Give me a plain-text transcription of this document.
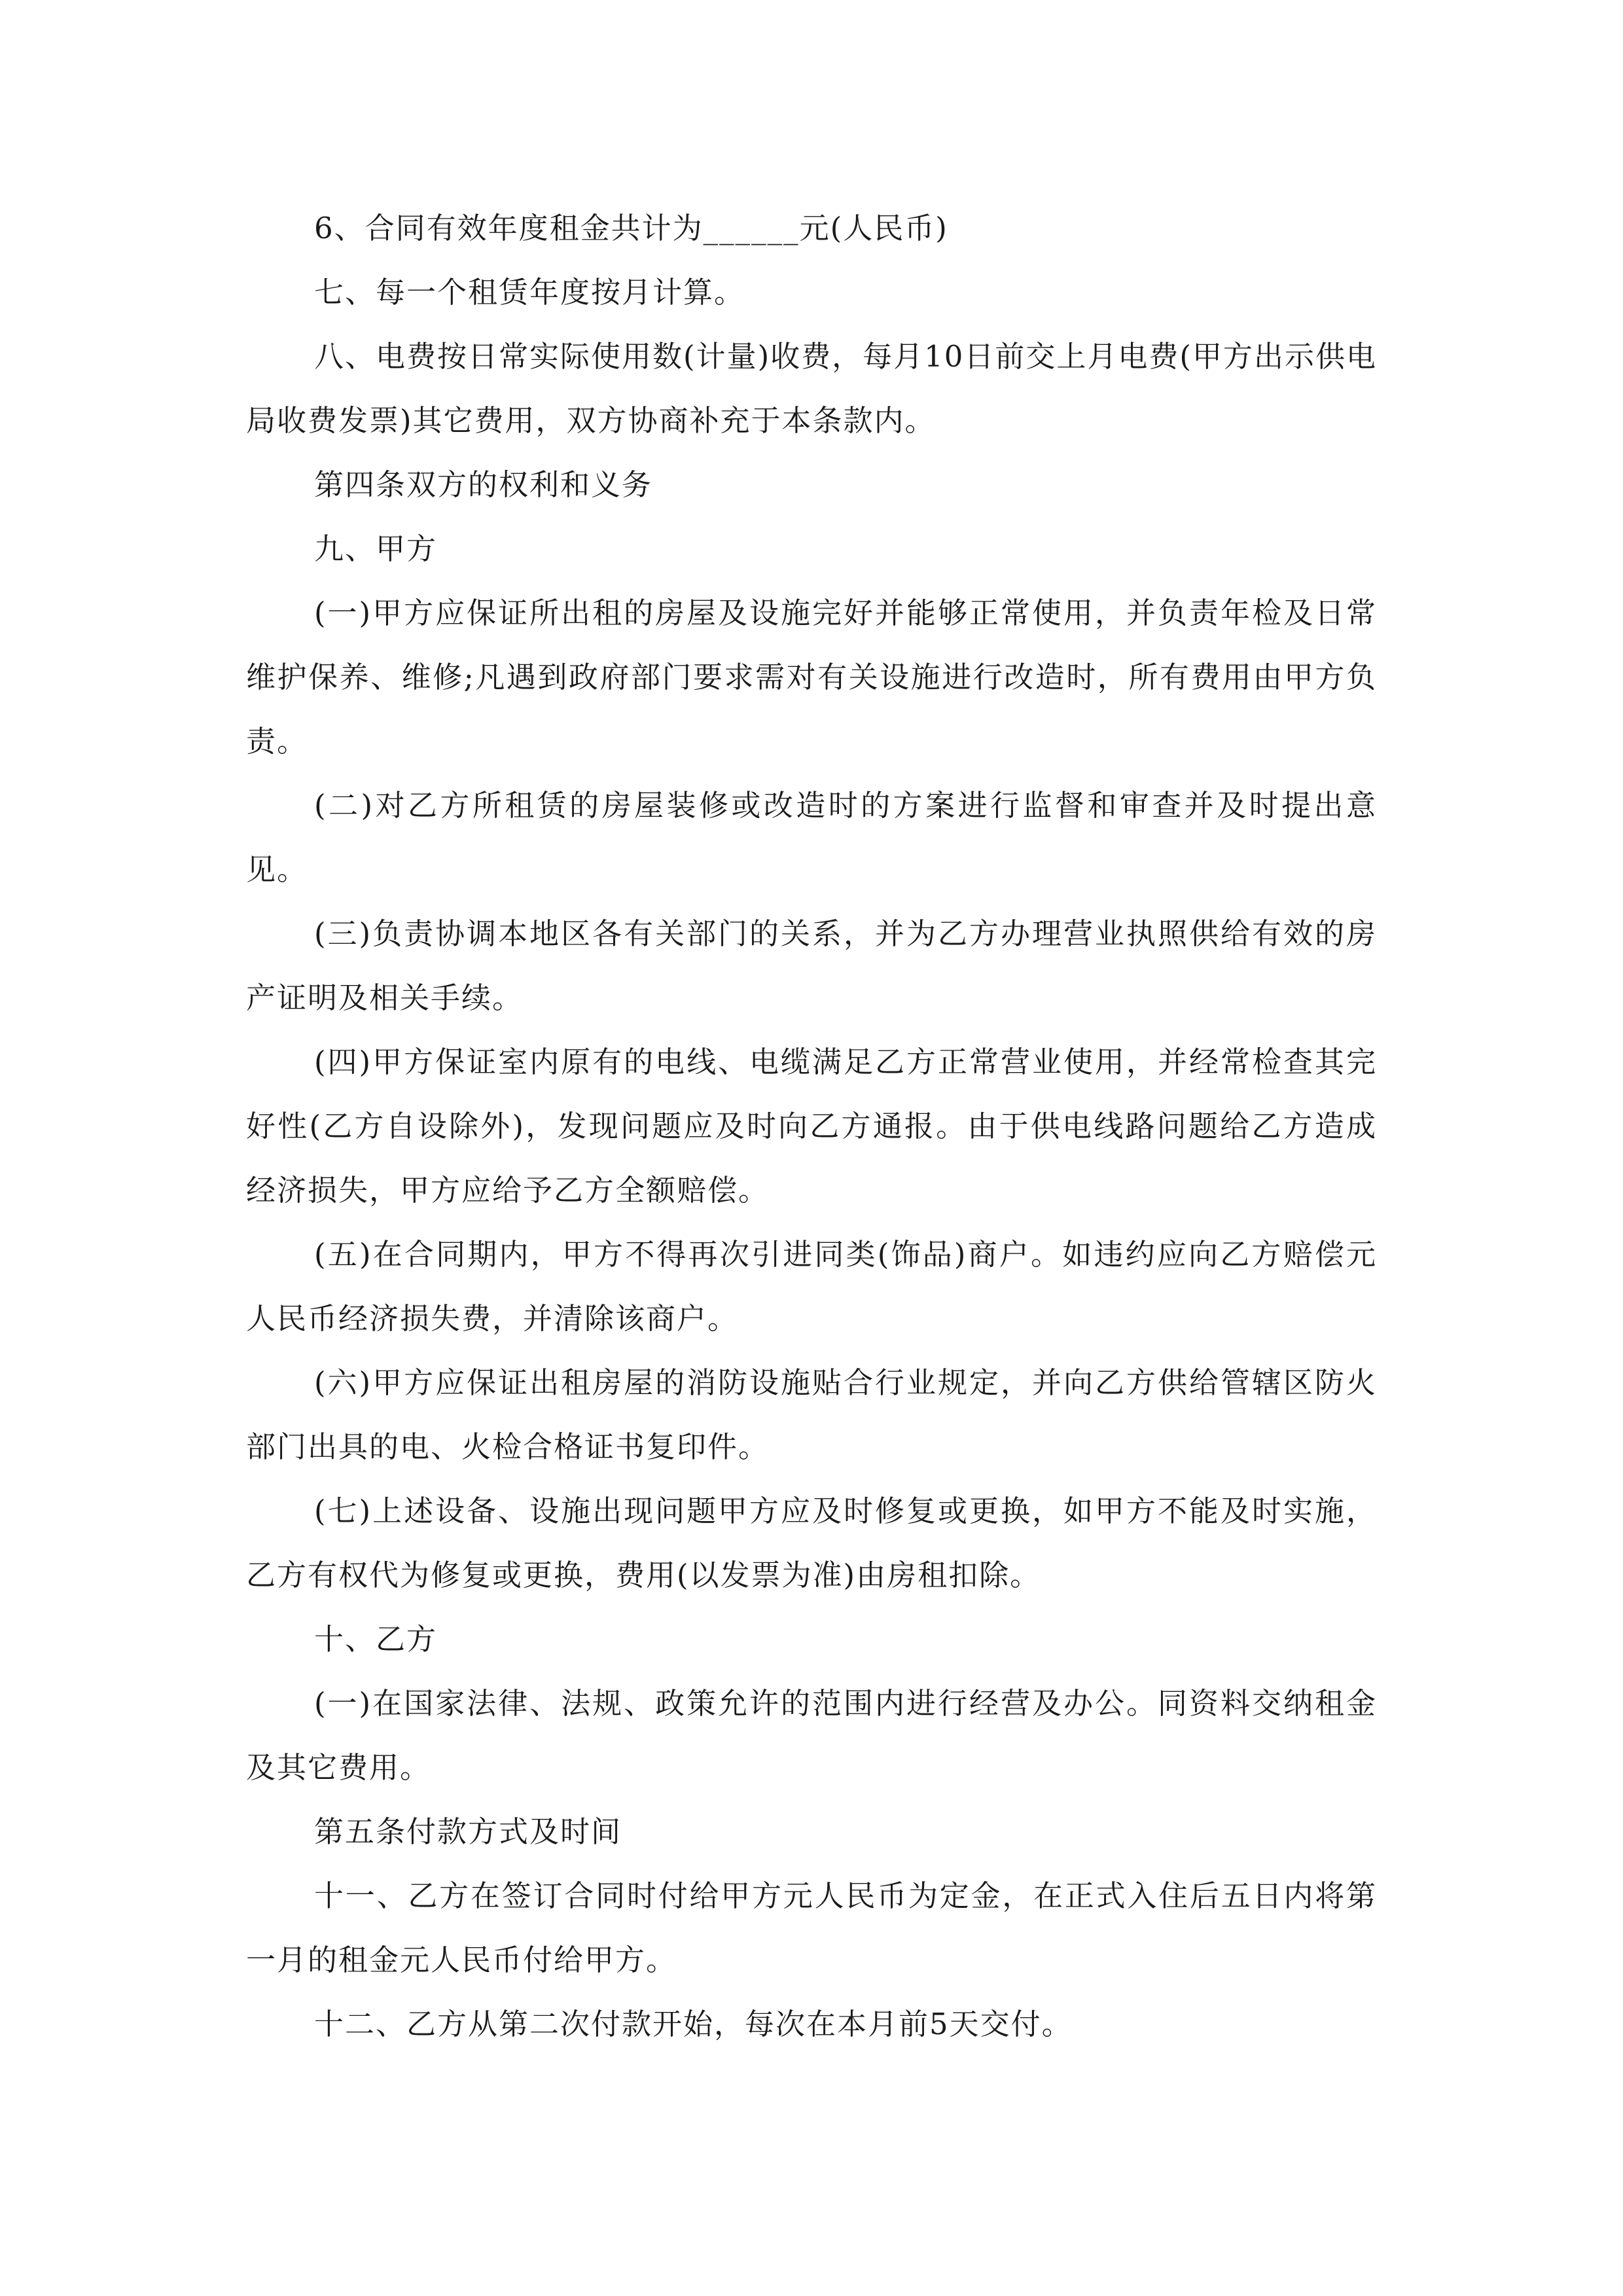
6、合同有效年度租金共计为______元(人民币)

七、每一个租赁年度按月计算。

八、电费按日常实际使用数(计量)收费，每月10日前交上月电费(甲方出示供电局收费发票)其它费用，双方协商补充于本条款内。

第四条双方的权利和义务

九、甲方

(一)甲方应保证所出租的房屋及设施完好并能够正常使用，并负责年检及日常维护保养、维修;凡遇到政府部门要求需对有关设施进行改造时，所有费用由甲方负责。

(二)对乙方所租赁的房屋装修或改造时的方案进行监督和审查并及时提出意见。

(三)负责协调本地区各有关部门的关系，并为乙方办理营业执照供给有效的房产证明及相关手续。

(四)甲方保证室内原有的电线、电缆满足乙方正常营业使用，并经常检查其完好性(乙方自设除外)，发现问题应及时向乙方通报。由于供电线路问题给乙方造成经济损失，甲方应给予乙方全额赔偿。

(五)在合同期内，甲方不得再次引进同类(饰品)商户。如违约应向乙方赔偿元人民币经济损失费，并清除该商户。

(六)甲方应保证出租房屋的消防设施贴合行业规定，并向乙方供给管辖区防火部门出具的电、火检合格证书复印件。

(七)上述设备、设施出现问题甲方应及时修复或更换，如甲方不能及时实施，乙方有权代为修复或更换，费用(以发票为准)由房租扣除。

十、乙方

(一)在国家法律、法规、政策允许的范围内进行经营及办公。同资料交纳租金及其它费用。

第五条付款方式及时间

十一、乙方在签订合同时付给甲方元人民币为定金，在正式入住后五日内将第一月的租金元人民币付给甲方。

十二、乙方从第二次付款开始，每次在本月前5天交付。
